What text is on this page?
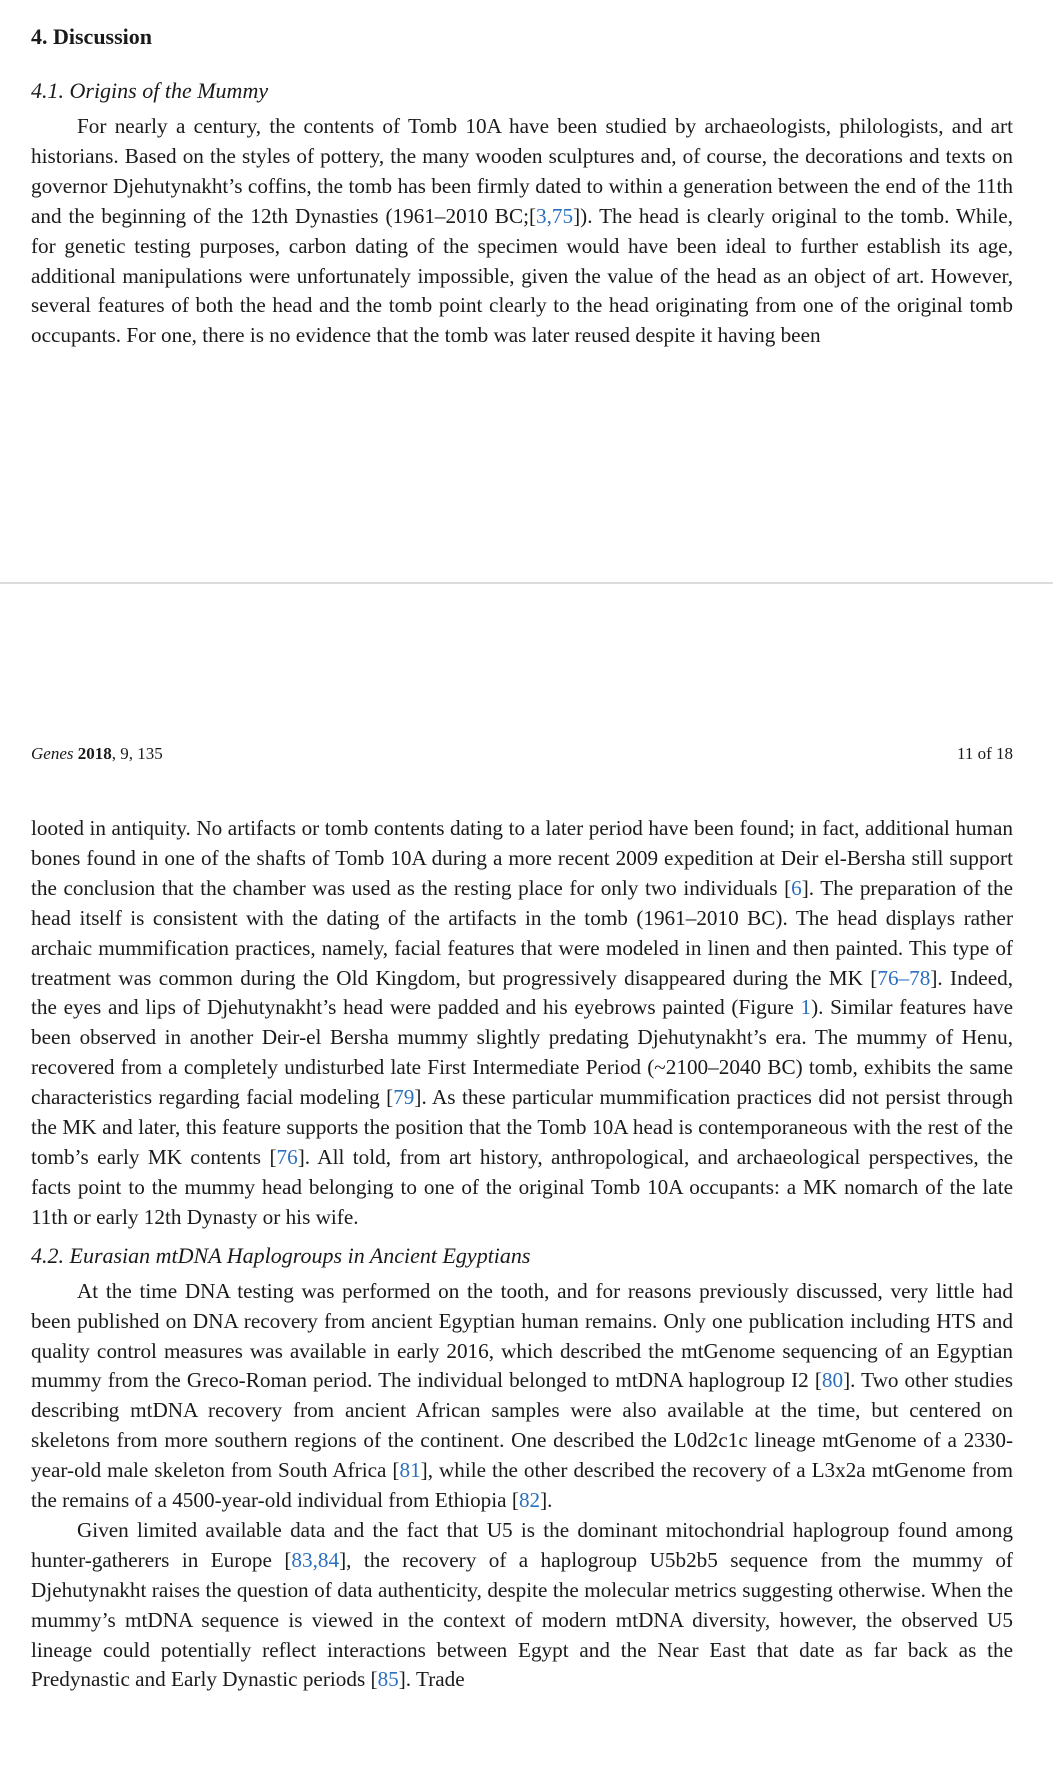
4. Discussion
4.1. Origins of the Mummy

For nearly a century, the contents of Tomb 10A have been studied by archaeologists, philologists, and art historians. Based on the styles of pottery, the many wooden sculptures and, of course, the decorations and texts on governor Djehutynakht’s coffins, the tomb has been firmly dated to within a generation between the end of the 11th and the beginning of the 12th Dynasties (1961–2010 BC;[3,75]). The head is clearly original to the tomb. While, for genetic testing purposes, carbon dating of the specimen would have been ideal to further establish its age, additional manipulations were unfortunately impossible, given the value of the head as an object of art. However, several features of both the head and the tomb point clearly to the head originating from one of the original tomb occupants. For one, there is no evidence that the tomb was later reused despite it having been

Genes 2018, 9, 135	11 of 18

looted in antiquity. No artifacts or tomb contents dating to a later period have been found; in fact, additional human bones found in one of the shafts of Tomb 10A during a more recent 2009 expedition at Deir el-Bersha still support the conclusion that the chamber was used as the resting place for only two individuals [6]. The preparation of the head itself is consistent with the dating of the artifacts in the tomb (1961–2010 BC). The head displays rather archaic mummification practices, namely, facial features that were modeled in linen and then painted. This type of treatment was common during the Old Kingdom, but progressively disappeared during the MK [76–78]. Indeed, the eyes and lips of Djehutynakht’s head were padded and his eyebrows painted (Figure 1). Similar features have been observed in another Deir-el Bersha mummy slightly predating Djehutynakht’s era. The mummy of Henu, recovered from a completely undisturbed late First Intermediate Period (~2100–2040 BC) tomb, exhibits the same characteristics regarding facial modeling [79]. As these particular mummification practices did not persist through the MK and later, this feature supports the position that the Tomb 10A head is contemporaneous with the rest of the tomb’s early MK contents [76]. All told, from art history, anthropological, and archaeological perspectives, the facts point to the mummy head belonging to one of the original Tomb 10A occupants: a MK nomarch of the late 11th or early 12th Dynasty or his wife.

4.2. Eurasian mtDNA Haplogroups in Ancient Egyptians

At the time DNA testing was performed on the tooth, and for reasons previously discussed, very little had been published on DNA recovery from ancient Egyptian human remains. Only one publication including HTS and quality control measures was available in early 2016, which described the mtGenome sequencing of an Egyptian mummy from the Greco-Roman period. The individual belonged to mtDNA haplogroup I2 [80]. Two other studies describing mtDNA recovery from ancient African samples were also available at the time, but centered on skeletons from more southern regions of the continent. One described the L0d2c1c lineage mtGenome of a 2330-year-old male skeleton from South Africa [81], while the other described the recovery of a L3x2a mtGenome from the remains of a 4500-year-old individual from Ethiopia [82].

Given limited available data and the fact that U5 is the dominant mitochondrial haplogroup found among hunter-gatherers in Europe [83,84], the recovery of a haplogroup U5b2b5 sequence from the mummy of Djehutynakht raises the question of data authenticity, despite the molecular metrics suggesting otherwise. When the mummy’s mtDNA sequence is viewed in the context of modern mtDNA diversity, however, the observed U5 lineage could potentially reflect interactions between Egypt and the Near East that date as far back as the Predynastic and Early Dynastic periods [85]. Trade
